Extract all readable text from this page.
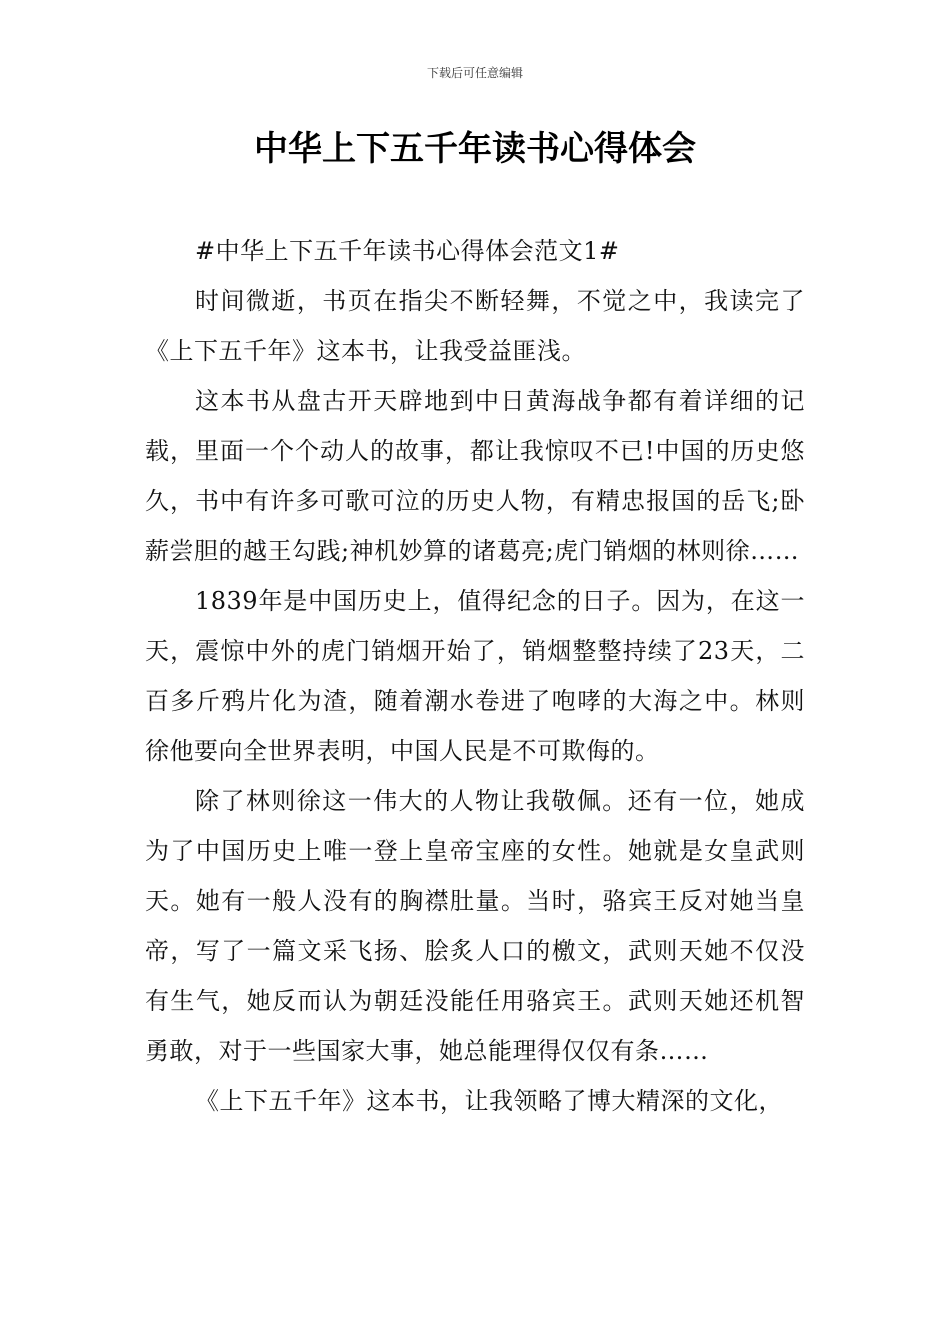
下载后可任意编辑
中华上下五千年读书心得体会

#中华上下五千年读书心得体会范文1#

时间微逝，书页在指尖不断轻舞，不觉之中，我读完了《上下五千年》这本书，让我受益匪浅。

这本书从盘古开天辟地到中日黄海战争都有着详细的记载，里面一个个动人的故事，都让我惊叹不已!中国的历史悠久，书中有许多可歌可泣的历史人物，有精忠报国的岳飞;卧薪尝胆的越王勾践;神机妙算的诸葛亮;虎门销烟的林则徐……

1839年是中国历史上，值得纪念的日子。因为，在这一天，震惊中外的虎门销烟开始了，销烟整整持续了23天，二百多斤鸦片化为渣，随着潮水卷进了咆哮的大海之中。林则徐他要向全世界表明，中国人民是不可欺侮的。

除了林则徐这一伟大的人物让我敬佩。还有一位，她成为了中国历史上唯一登上皇帝宝座的女性。她就是女皇武则天。她有一般人没有的胸襟肚量。当时，骆宾王反对她当皇帝，写了一篇文采飞扬、脍炙人口的檄文，武则天她不仅没有生气，她反而认为朝廷没能任用骆宾王。武则天她还机智勇敢，对于一些国家大事，她总能理得仅仅有条……

《上下五千年》这本书，让我领略了博大精深的文化，
